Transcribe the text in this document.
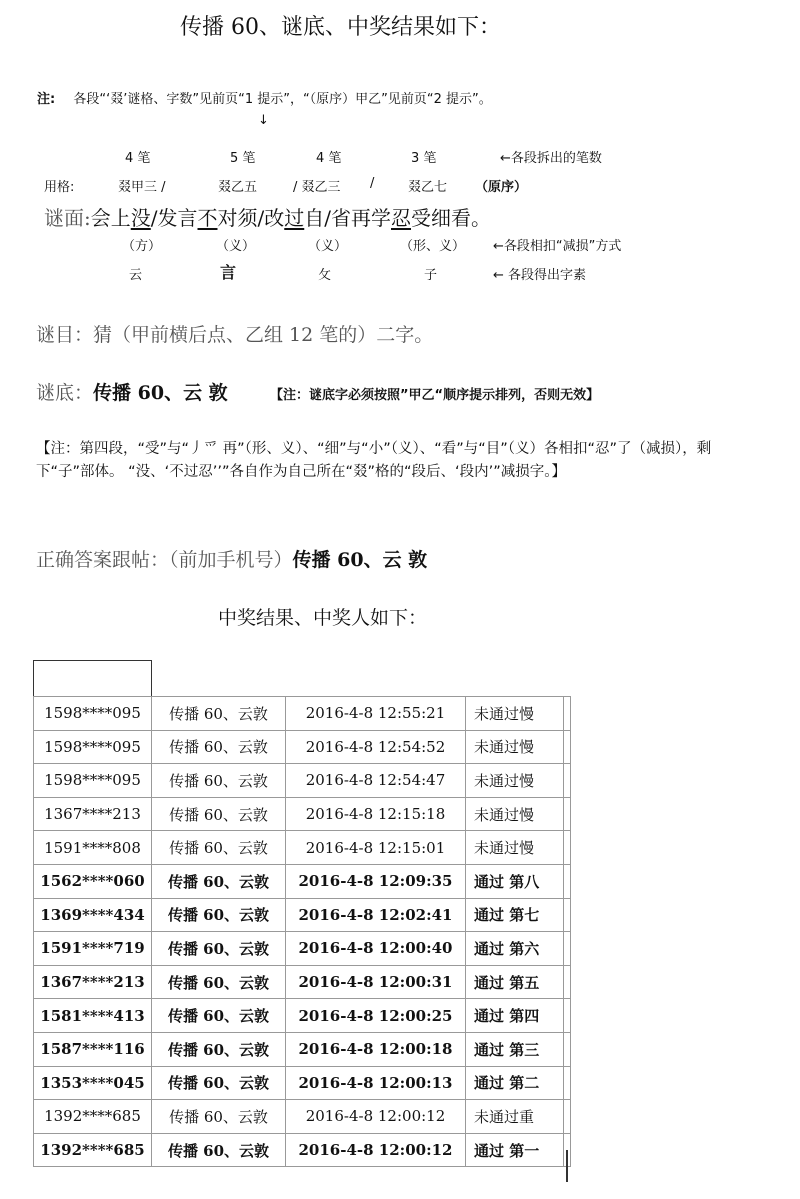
传播 60、谜底、中奖结果如下：
注: 各段“‘叕’谜格、字数”见前页“1 提示”，“（原序）甲乙”见前页“2 提示”。
↓
4 笔	5 笔	4 笔	3 笔	←各段拆出的笔数
用格:	叕甲三 /	叕乙五	/ 叕乙三 /	叕乙七 （原序）
谜面:会上没/发言不对须/改过自/省再学忍受细看。
（方）	（义）	（义）	（形、义） ←各段相扣“减损”方式
云	言	攵	子	← 各段得出字素
谜目：猜（甲前横后点、乙组 12 笔的）二字。
谜底：传播 60、云 敦	【注：谜底字必须按照”甲乙“顺序提示排列，否则无效】
【注：第四段，“受”与“丿爫 再”（形、义）、“细”与“小”（义）、“看”与“目”（义）各相扣“忍”了（减损），剩下“子”部体。 “没、‘不过忍’’”各自作为自己所在“叕”格的“段后、‘段内’”减损字。】
正确答案跟帖：（前加手机号）传播 60、云 敦
中奖结果、中奖人如下：
1598****095	传播 60、云敦	2016-4-8 12:55:21	未通过慢	
1598****095	传播 60、云敦	2016-4-8 12:54:52	未通过慢	
1598****095	传播 60、云敦	2016-4-8 12:54:47	未通过慢	
1367****213	传播 60、云敦	2016-4-8 12:15:18	未通过慢	
1591****808	传播 60、云敦	2016-4-8 12:15:01	未通过慢	
1562****060	传播 60、云敦	2016-4-8 12:09:35	通过 第八	
1369****434	传播 60、云敦	2016-4-8 12:02:41	通过 第七	
1591****719	传播 60、云敦	2016-4-8 12:00:40	通过 第六	
1367****213	传播 60、云敦	2016-4-8 12:00:31	通过 第五	
1581****413	传播 60、云敦	2016-4-8 12:00:25	通过 第四	
1587****116	传播 60、云敦	2016-4-8 12:00:18	通过 第三	
1353****045	传播 60、云敦	2016-4-8 12:00:13	通过 第二	
1392****685	传播 60、云敦	2016-4-8 12:00:12	未通过重	
1392****685	传播 60、云敦	2016-4-8 12:00:12	通过 第一	
